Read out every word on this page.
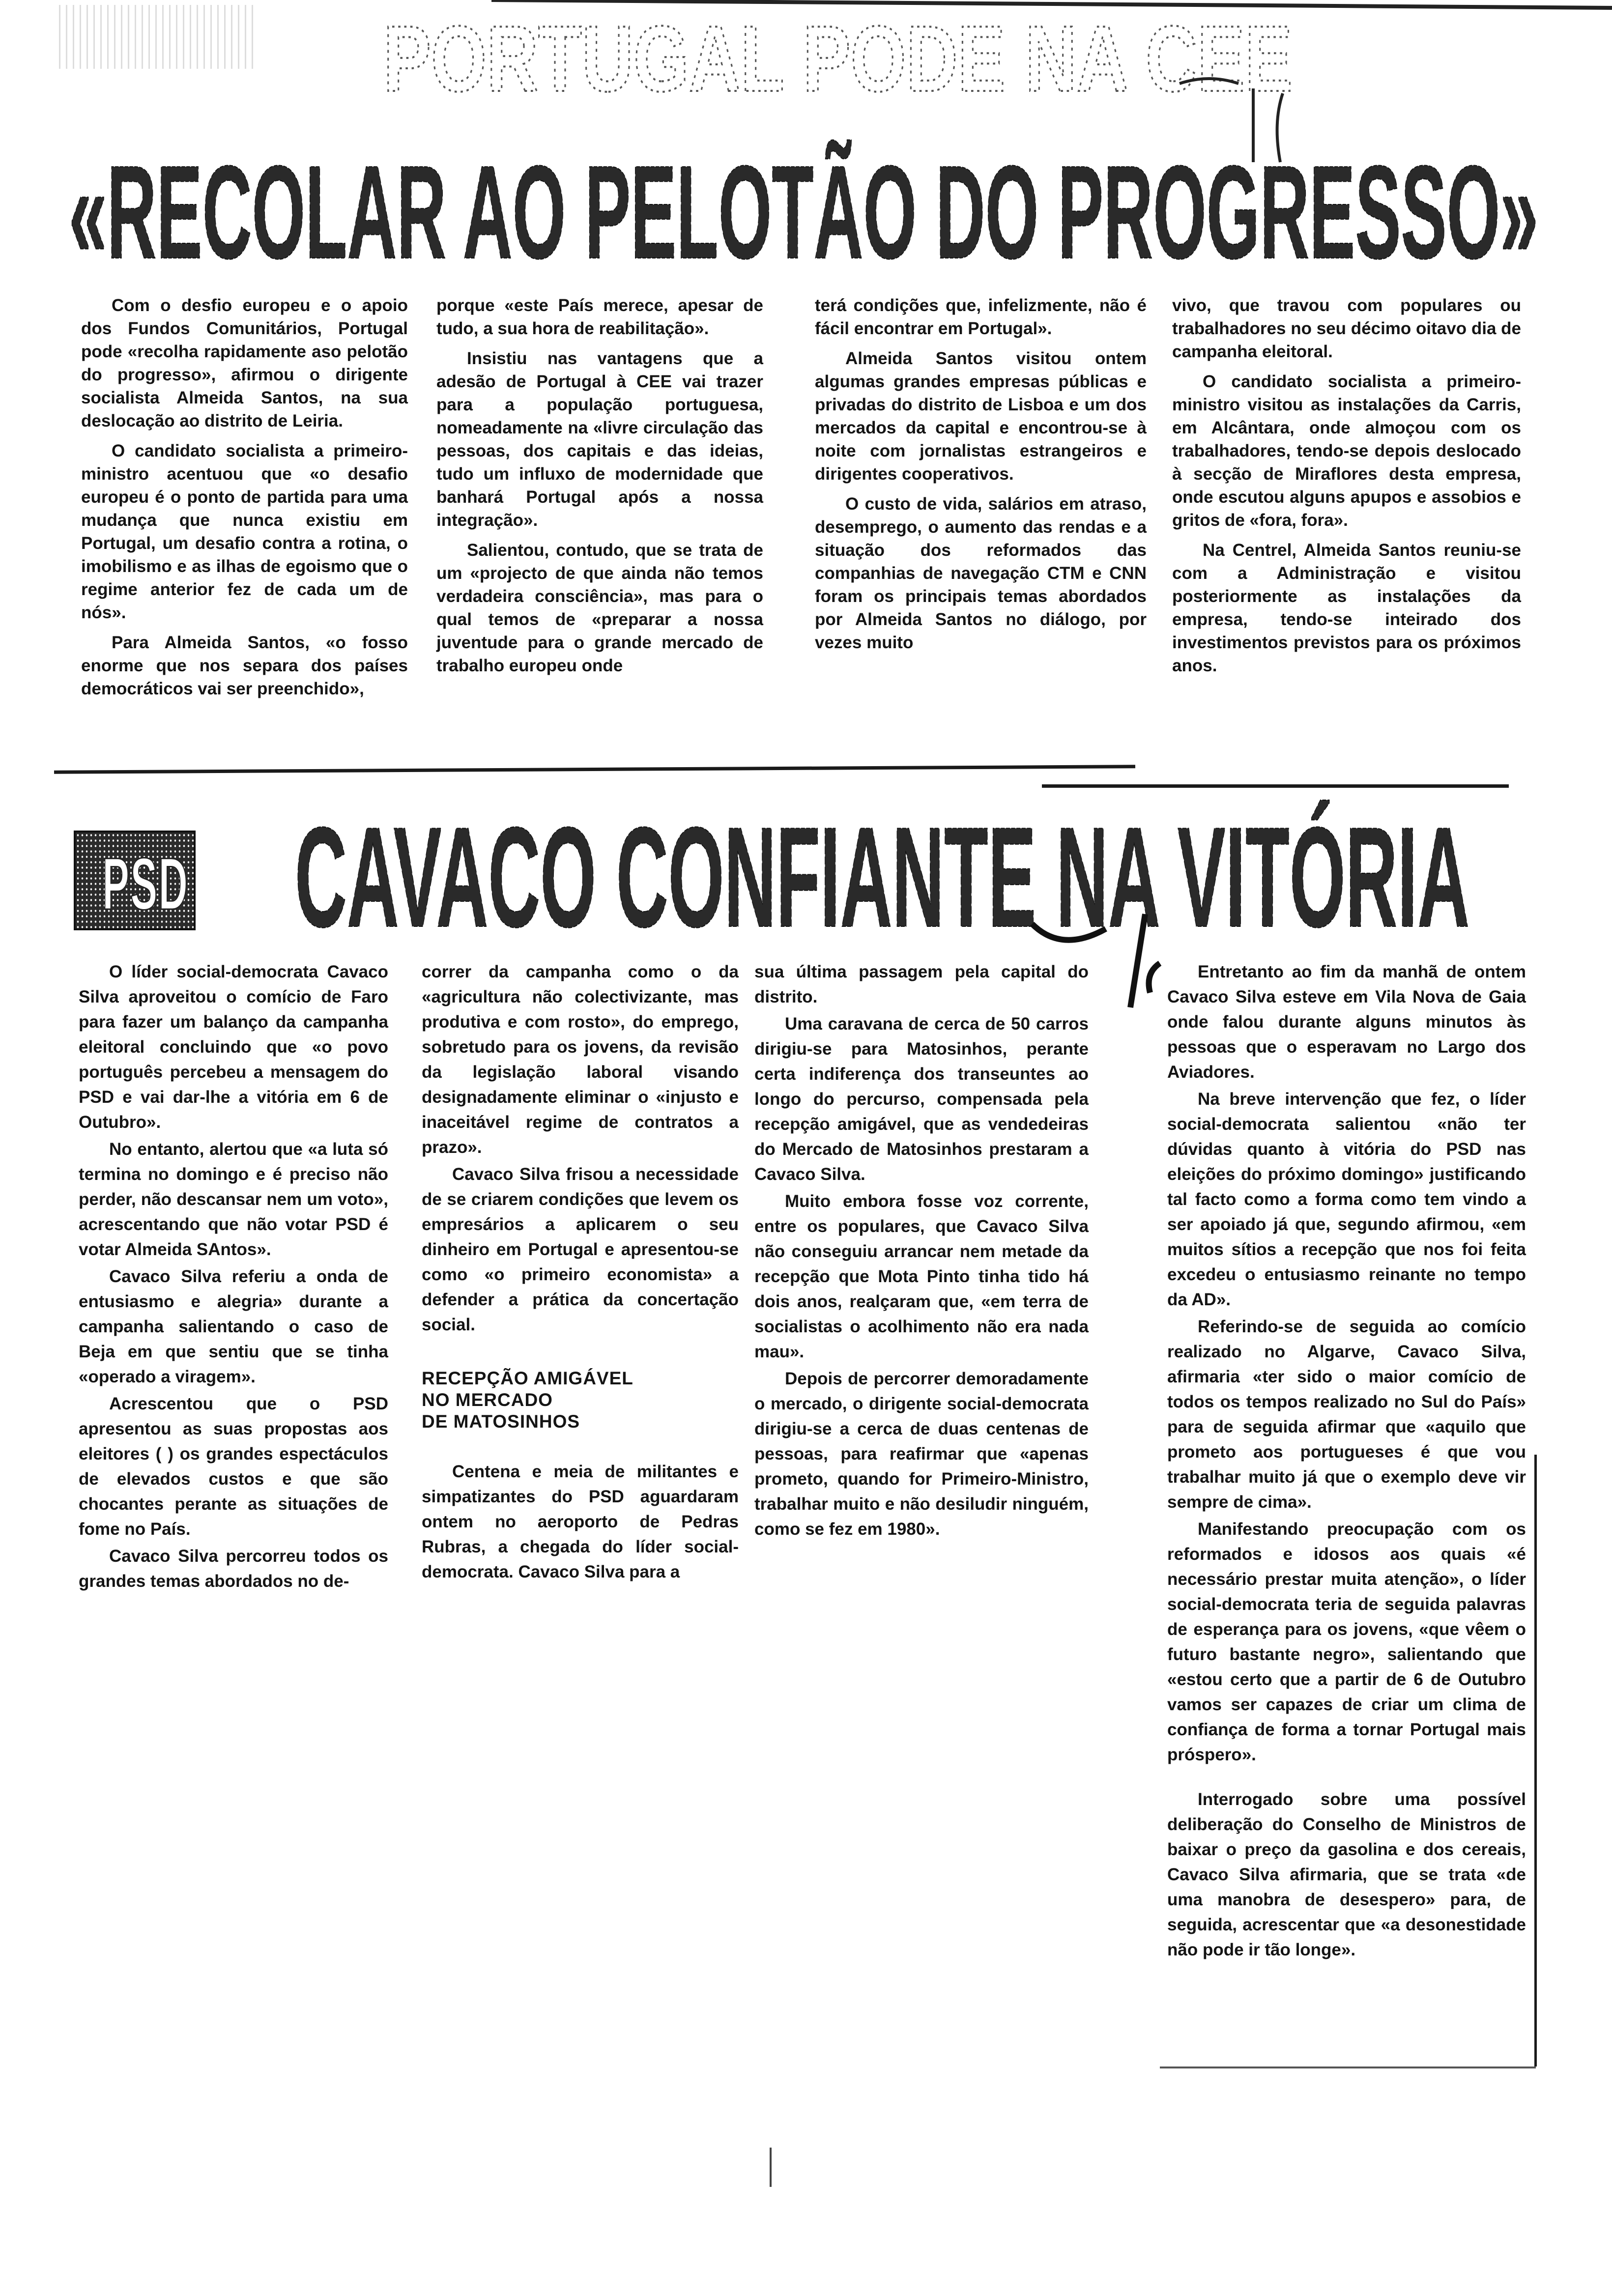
PORTUGAL PODE NA CEE
«RECOLAR AO PELOTÃO DO PROGRESSO»

Com o desfio europeu e o apoio dos Fundos Comunitários, Portugal pode «recolha rapidamente aso pelotão do progresso», afirmou o dirigente socialista Almeida Santos, na sua deslocação ao distrito de Leiria.

O candidato socialista a primeiro-ministro acentuou que «o desafio europeu é o ponto de partida para uma mudança que nunca existiu em Portugal, um desafio contra a rotina, o imobilismo e as ilhas de egoismo que o regime anterior fez de cada um de nós».

Para Almeida Santos, «o fosso enorme que nos separa dos países democráticos vai ser preenchido»,

porque «este País merece, apesar de tudo, a sua hora de reabilitação».

Insistiu nas vantagens que a adesão de Portugal à CEE vai trazer para a população portuguesa, nomeadamente na «livre circulação das pessoas, dos capitais e das ideias, tudo um influxo de modernidade que banhará Portugal após a nossa integração».

Salientou, contudo, que se trata de um «projecto de que ainda não temos verdadeira consciência», mas para o qual temos de «preparar a nossa juventude para o grande mercado de trabalho europeu onde

terá condições que, infelizmente, não é fácil encontrar em Portugal».

Almeida Santos visitou ontem algumas grandes empresas públicas e privadas do distrito de Lisboa e um dos mercados da capital e encontrou-se à noite com jornalistas estrangeiros e dirigentes cooperativos.

O custo de vida, salários em atraso, desemprego, o aumento das rendas e a situação dos reformados das companhias de navegação CTM e CNN foram os principais temas abordados por Almeida Santos no diálogo, por vezes muito

vivo, que travou com populares ou trabalhadores no seu décimo oitavo dia de campanha eleitoral.

O candidato socialista a primeiro-ministro visitou as instalações da Carris, em Alcântara, onde almoçou com os trabalhadores, tendo-se depois deslocado à secção de Miraflores desta empresa, onde escutou alguns apupos e assobios e gritos de «fora, fora».

Na Centrel, Almeida Santos reuniu-se com a Administração e visitou posteriormente as instalações da empresa, tendo-se inteirado dos investimentos previstos para os próximos anos.

PSD CAVACO CONFIANTE NA VITÓRIA

O líder social-democrata Cavaco Silva aproveitou o comício de Faro para fazer um balanço da campanha eleitoral concluindo que «o povo português percebeu a mensagem do PSD e vai dar-lhe a vitória em 6 de Outubro».

No entanto, alertou que «a luta só termina no domingo e é preciso não perder, não descansar nem um voto», acrescentando que não votar PSD é votar Almeida SAntos».

Cavaco Silva referiu a onda de entusiasmo e alegria» durante a campanha salientando o caso de Beja em que sentiu que se tinha «operado a viragem».

Acrescentou que o PSD apresentou as suas propostas aos eleitores ( ) os grandes espectáculos de elevados custos e que são chocantes perante as situações de fome no País.

Cavaco Silva percorreu todos os grandes temas abordados no de-

correr da campanha como o da «agricultura não colectivizante, mas produtiva e com rosto», do emprego, sobretudo para os jovens, da revisão da legislação laboral visando designadamente eliminar o «injusto e inaceitável regime de contratos a prazo».

Cavaco Silva frisou a necessidade de se criarem condições que levem os empresários a aplicarem o seu dinheiro em Portugal e apresentou-se como «o primeiro economista» a defender a prática da concertação social.

RECEPÇÃO AMIGÁVEL
NO MERCADO
DE MATOSINHOS

Centena e meia de militantes e simpatizantes do PSD aguardaram ontem no aeroporto de Pedras Rubras, a chegada do líder social-democrata. Cavaco Silva para a

sua última passagem pela capital do distrito.

Uma caravana de cerca de 50 carros dirigiu-se para Matosinhos, perante certa indiferença dos transeuntes ao longo do percurso, compensada pela recepção amigável, que as vendedeiras do Mercado de Matosinhos prestaram a Cavaco Silva.

Muito embora fosse voz corrente, entre os populares, que Cavaco Silva não conseguiu arrancar nem metade da recepção que Mota Pinto tinha tido há dois anos, realçaram que, «em terra de socialistas o acolhimento não era nada mau».

Depois de percorrer demoradamente o mercado, o dirigente social-democrata dirigiu-se a cerca de duas centenas de pessoas, para reafirmar que «apenas prometo, quando for Primeiro-Ministro, trabalhar muito e não desiludir ninguém, como se fez em 1980».

Entretanto ao fim da manhã de ontem Cavaco Silva esteve em Vila Nova de Gaia onde falou durante alguns minutos às pessoas que o esperavam no Largo dos Aviadores.

Na breve intervenção que fez, o líder social-democrata salientou «não ter dúvidas quanto à vitória do PSD nas eleições do próximo domingo» justificando tal facto como a forma como tem vindo a ser apoiado já que, segundo afirmou, «em muitos sítios a recepção que nos foi feita excedeu o entusiasmo reinante no tempo da AD».

Referindo-se de seguida ao comício realizado no Algarve, Cavaco Silva, afirmaria «ter sido o maior comício de todos os tempos realizado no Sul do País» para de seguida afirmar que «aquilo que prometo aos portugueses é que vou trabalhar muito já que o exemplo deve vir sempre de cima».

Manifestando preocupação com os reformados e idosos aos quais «é necessário prestar muita atenção», o líder social-democrata teria de seguida palavras de esperança para os jovens, «que vêem o futuro bastante negro», salientando que «estou certo que a partir de 6 de Outubro vamos ser capazes de criar um clima de confiança de forma a tornar Portugal mais próspero».

Interrogado sobre uma possível deliberação do Conselho de Ministros de baixar o preço da gasolina e dos cereais, Cavaco Silva afirmaria, que se trata «de uma manobra de desespero» para, de seguida, acrescentar que «a desonestidade não pode ir tão longe».
